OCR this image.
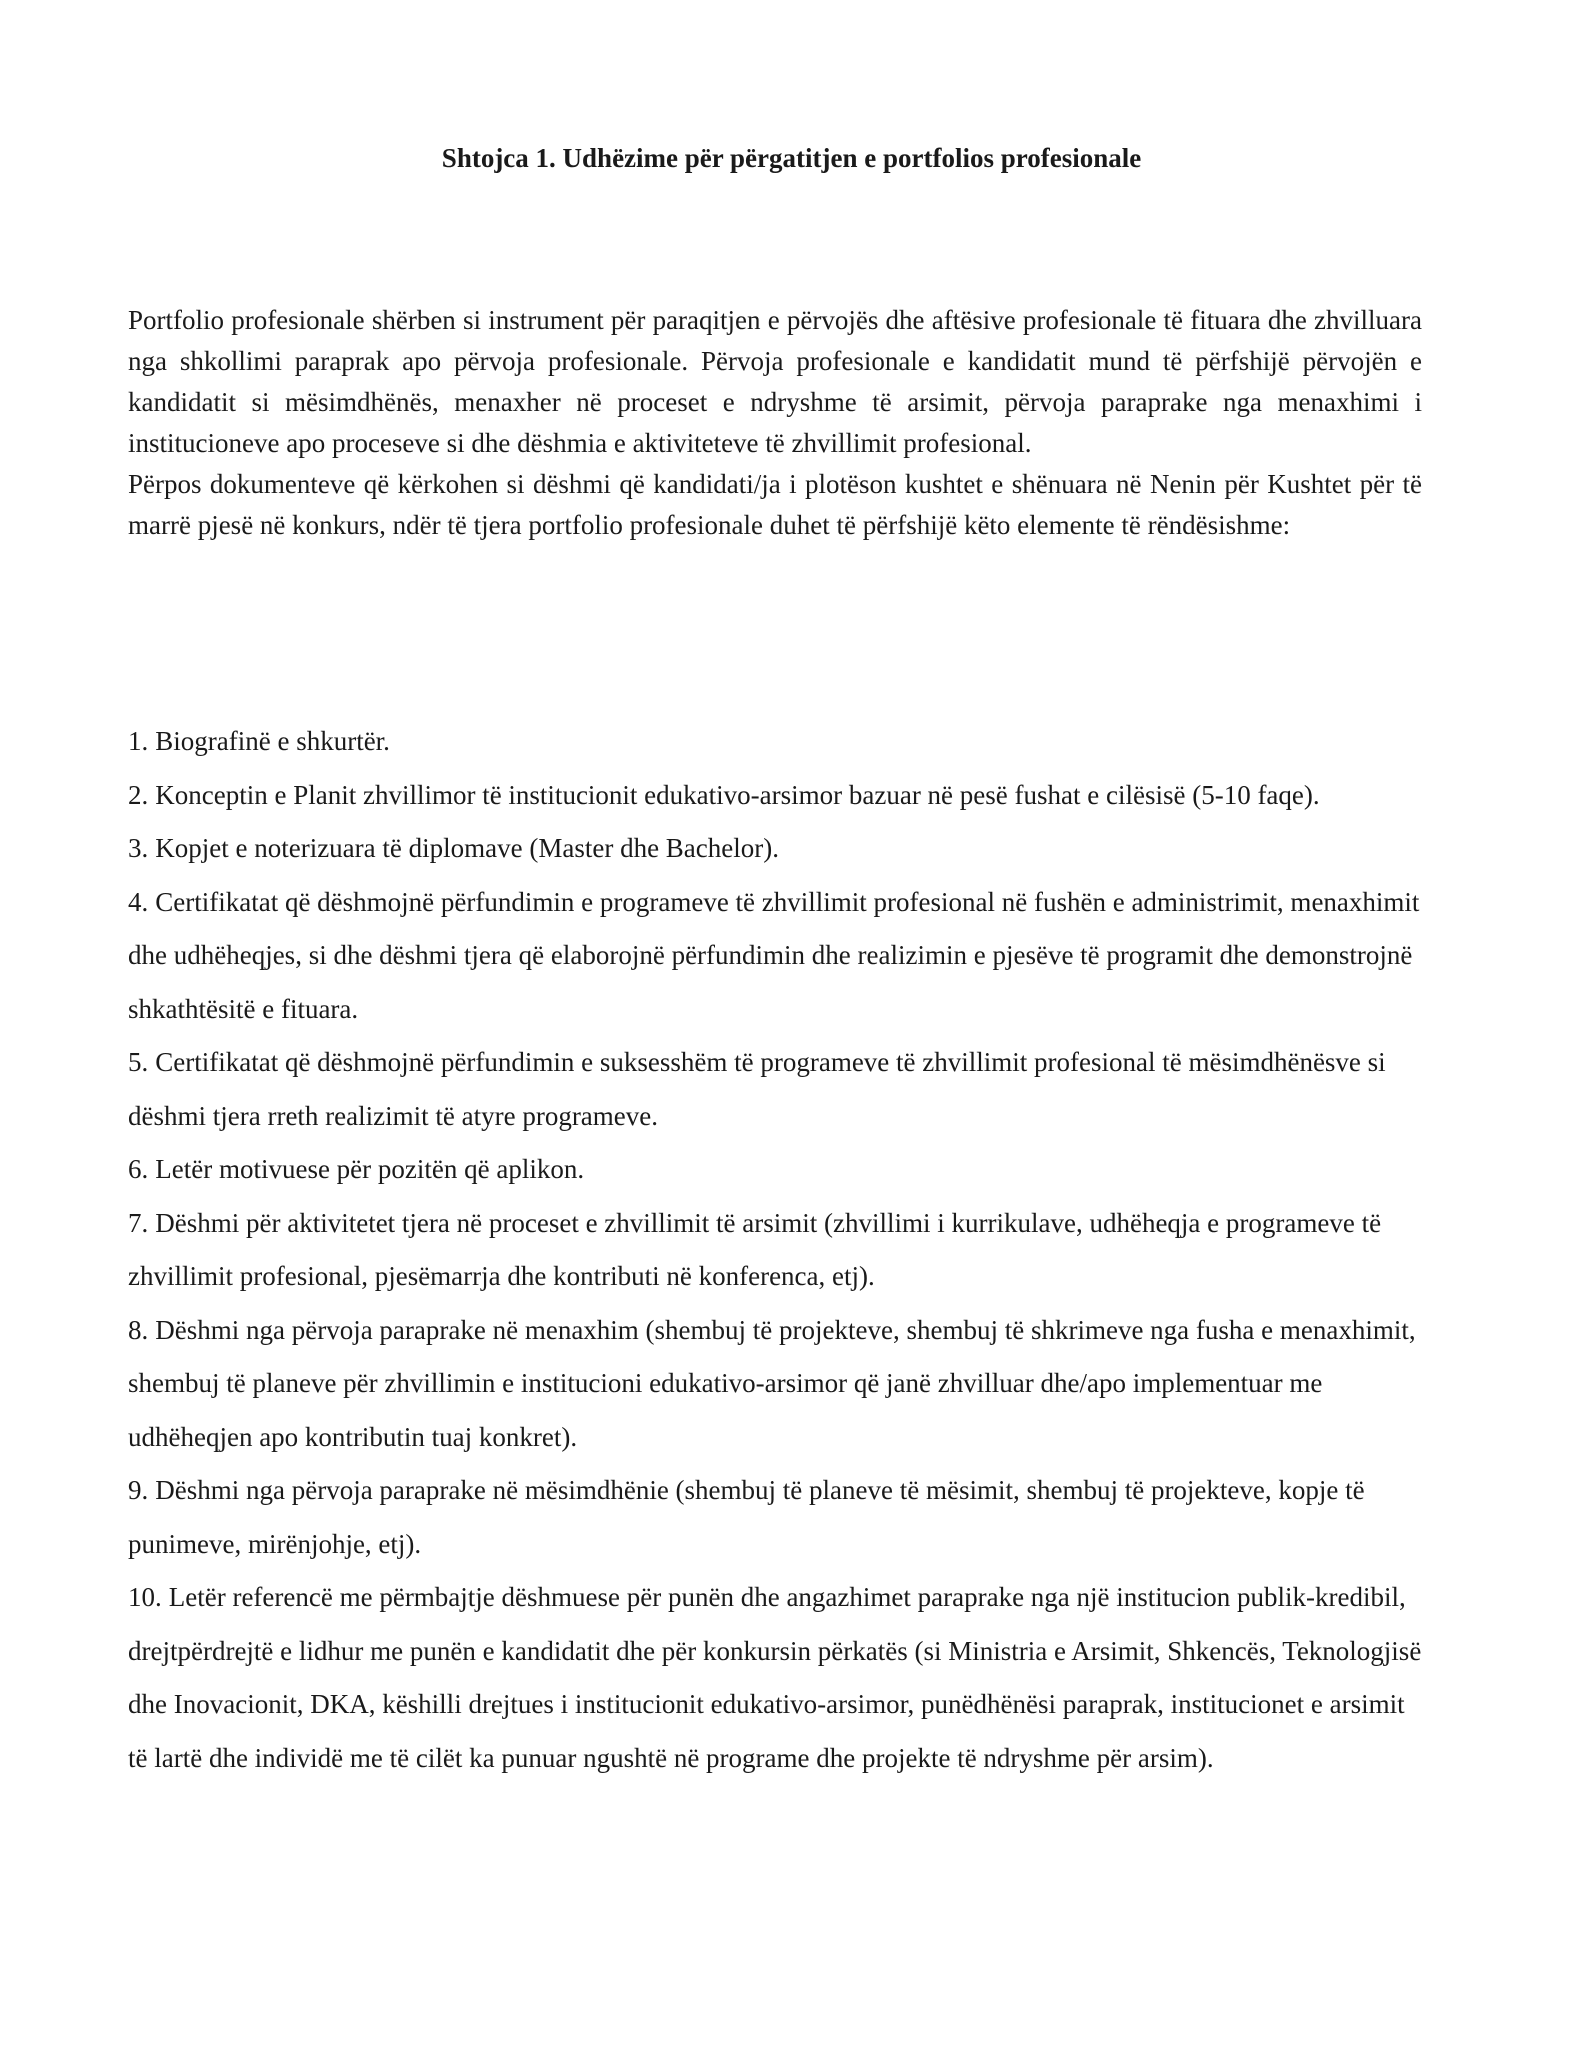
Shtojca 1. Udhëzime për përgatitjen e portfolios profesionale

Portfolio profesionale shërben si instrument për paraqitjen e përvojës dhe aftësive profesionale të fituara dhe zhvilluara nga shkollimi paraprak apo përvoja profesionale. Përvoja profesionale e kandidatit mund të përfshijë përvojën e kandidatit si mësimdhënës, menaxher në proceset e ndryshme të arsimit, përvoja paraprake nga menaxhimi i institucioneve apo proceseve si dhe dëshmia e aktiviteteve të zhvillimit profesional.

Përpos dokumenteve që kërkohen si dëshmi që kandidati/ja i plotëson kushtet e shënuara në Nenin për Kushtet për të marrë pjesë në konkurs, ndër të tjera portfolio profesionale duhet të përfshijë këto elemente të rëndësishme:

1. Biografinë e shkurtër.
2. Konceptin e Planit zhvillimor të institucionit edukativo-arsimor bazuar në pesë fushat e cilësisë (5-10 faqe).
3. Kopjet e noterizuara të diplomave (Master dhe Bachelor).
4. Certifikatat që dëshmojnë përfundimin e programeve të zhvillimit profesional në fushën e administrimit, menaxhimit dhe udhëheqjes, si dhe dëshmi tjera që elaborojnë përfundimin dhe realizimin e pjesëve të programit dhe demonstrojnë shkathtësitë e fituara.
5. Certifikatat që dëshmojnë përfundimin e suksesshëm të programeve të zhvillimit profesional të mësimdhënësve si dëshmi tjera rreth realizimit të atyre programeve.
6. Letër motivuese për pozitën që aplikon.
7. Dëshmi për aktivitetet tjera në proceset e zhvillimit të arsimit (zhvillimi i kurrikulave, udhëheqja e programeve të zhvillimit profesional, pjesëmarrja dhe kontributi në konferenca, etj).
8. Dëshmi nga përvoja paraprake në menaxhim (shembuj të projekteve, shembuj të shkrimeve nga fusha e menaxhimit, shembuj të planeve për zhvillimin e institucioni edukativo-arsimor që janë zhvilluar dhe/apo implementuar me udhëheqjen apo kontributin tuaj konkret).
9. Dëshmi nga përvoja paraprake në mësimdhënie (shembuj të planeve të mësimit, shembuj të projekteve, kopje të punimeve, mirënjohje, etj).
10. Letër referencë me përmbajtje dëshmuese për punën dhe angazhimet paraprake nga një institucion publik-kredibil, drejtpërdrejtë e lidhur me punën e kandidatit dhe për konkursin përkatës (si Ministria e Arsimit, Shkencës, Teknologjisë dhe Inovacionit, DKA, këshilli drejtues i institucionit edukativo-arsimor, punëdhënësi paraprak, institucionet e arsimit të lartë dhe individë me të cilët ka punuar ngushtë në programe dhe projekte të ndryshme për arsim).
